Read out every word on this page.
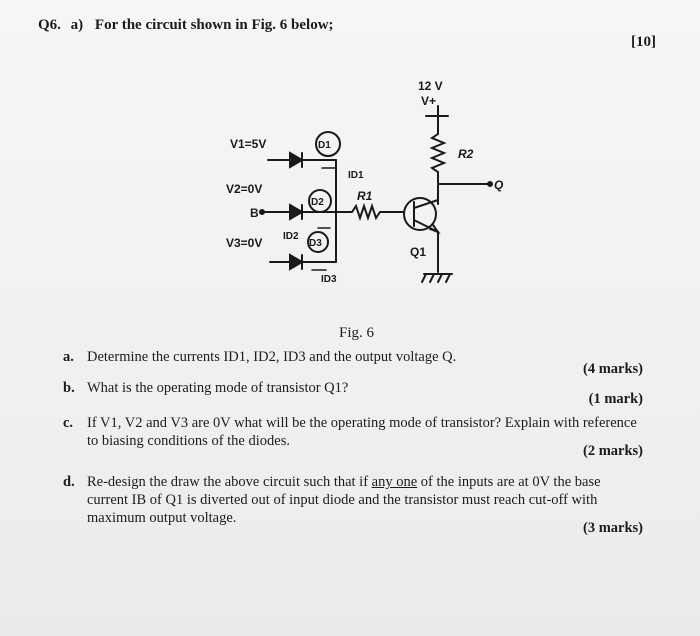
Q6. a) For the circuit shown in Fig. 6 below;
[10]
12 V
V+
R2
Q
Q1
R1
V1=5V
V2=0V
V3=0V
B
D1
D2
D3
ID1
ID2
ID3
Fig. 6
a. Determine the currents ID1, ID2, ID3 and the output voltage Q.
(4 marks)
b. What is the operating mode of transistor Q1?
(1 mark)
c. If V1, V2 and V3 are 0V what will be the operating mode of transistor? Explain with reference to biasing conditions of the diodes.
(2 marks)
d. Re-design the draw the above circuit such that if any one of the inputs are at 0V the base current IB of Q1 is diverted out of input diode and the transistor must reach cut-off with maximum output voltage.
(3 marks)
